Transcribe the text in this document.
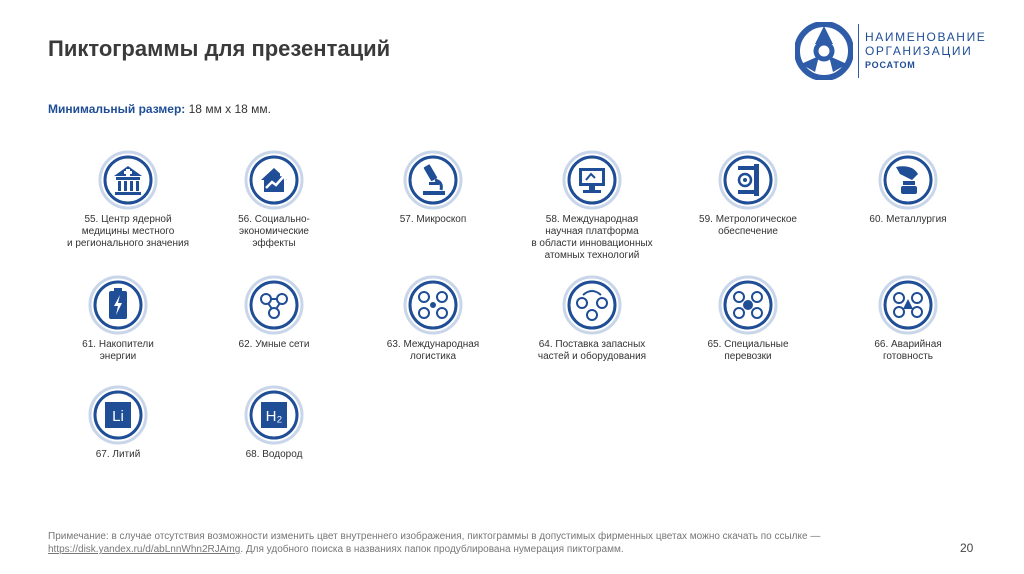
Пиктограммы для презентаций	НАИМЕНОВАНИЕ
ОРГАНИЗАЦИИ
РОСАТОМ
Минимальный размер: 18 мм х 18 мм.
55. Центр ядерной
медицины местного
и регионального значения
56. Социально-
экономические
эффекты
57. Микроскоп	58. Международная
научная платформа
в области инновационных
атомных технологий
59. Метрологическое
обеспечение
60. Металлургия
61. Накопители
энергии
62. Умные сети	63. Международная
логистика
64. Поставка запасных
частей и оборудования
65. Специальные
перевозки
66. Аварийная
готовность
Li
67. Литий
H₂
68. Водород
Примечание: в случае отсутствия возможности изменить цвет внутреннего изображения, пиктограммы в допустимых фирменных цветах можно скачать по ссылке —
https://disk.yandex.ru/d/abLnnWhn2RJAmg. Для удобного поиска в названиях папок продублирована нумерация пиктограмм.	20
